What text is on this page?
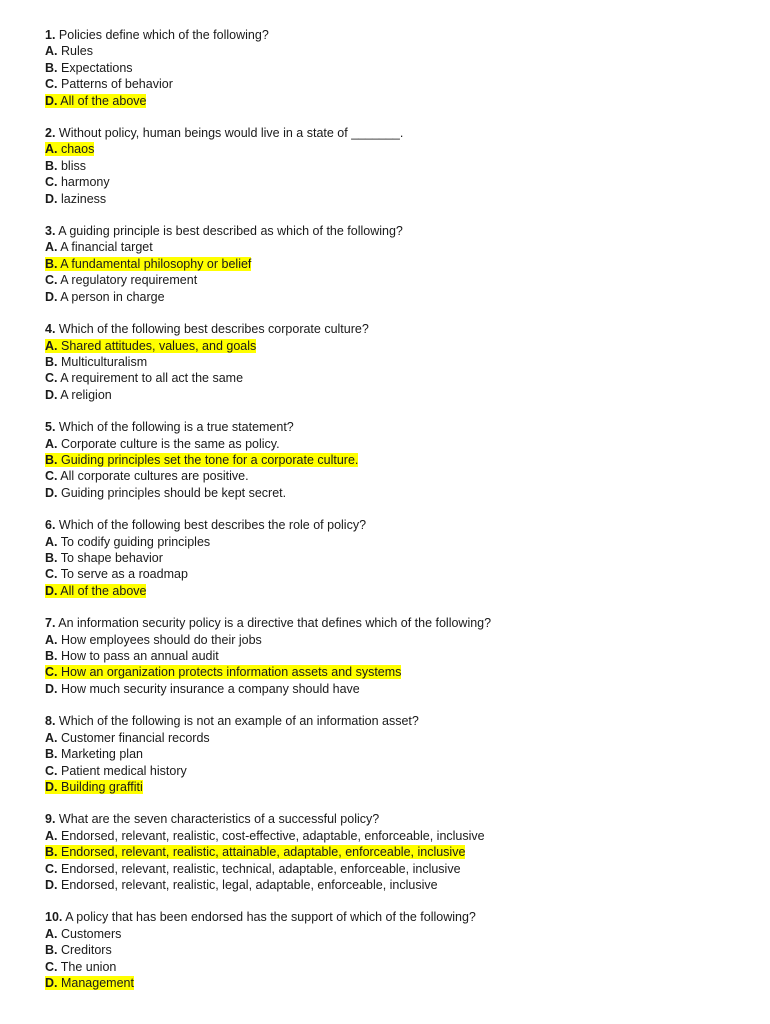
1. Policies define which of the following?
A. Rules
B. Expectations
C. Patterns of behavior
D. All of the above
2. Without policy, human beings would live in a state of _______.
A. chaos
B. bliss
C. harmony
D. laziness
3. A guiding principle is best described as which of the following?
A. A financial target
B. A fundamental philosophy or belief
C. A regulatory requirement
D. A person in charge
4. Which of the following best describes corporate culture?
A. Shared attitudes, values, and goals
B. Multiculturalism
C. A requirement to all act the same
D. A religion
5. Which of the following is a true statement?
A. Corporate culture is the same as policy.
B. Guiding principles set the tone for a corporate culture.
C. All corporate cultures are positive.
D. Guiding principles should be kept secret.
6. Which of the following best describes the role of policy?
A. To codify guiding principles
B. To shape behavior
C. To serve as a roadmap
D. All of the above
7. An information security policy is a directive that defines which of the following?
A. How employees should do their jobs
B. How to pass an annual audit
C. How an organization protects information assets and systems
D. How much security insurance a company should have
8. Which of the following is not an example of an information asset?
A. Customer financial records
B. Marketing plan
C. Patient medical history
D. Building graffiti
9. What are the seven characteristics of a successful policy?
A. Endorsed, relevant, realistic, cost-effective, adaptable, enforceable, inclusive
B. Endorsed, relevant, realistic, attainable, adaptable, enforceable, inclusive
C. Endorsed, relevant, realistic, technical, adaptable, enforceable, inclusive
D. Endorsed, relevant, realistic, legal, adaptable, enforceable, inclusive
10. A policy that has been endorsed has the support of which of the following?
A. Customers
B. Creditors
C. The union
D. Management
